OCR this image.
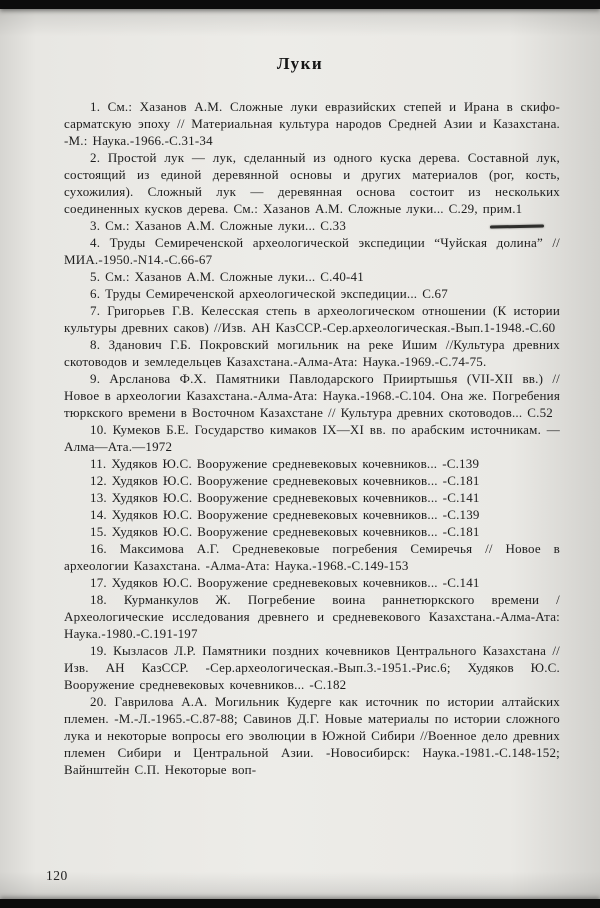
Луки

1. См.: Хазанов А.М. Сложные луки евразийских степей и Ирана в скифо-сарматскую эпоху // Материальная культура народов Средней Азии и Казахстана. -М.: Наука.-1966.-С.31-34

2. Простой лук — лук, сделанный из одного куска дерева. Составной лук, состоящий из единой деревянной основы и других материалов (рог, кость, сухожилия). Сложный лук — деревянная основа состоит из нескольких соединенных кусков дерева. См.: Хазанов А.М. Сложные луки... С.29, прим.1

3. См.: Хазанов А.М. Сложные луки... С.33

4. Труды Семиреченской археологической экспедиции “Чуйская долина” //МИА.-1950.-N14.-С.66-67

5. См.: Хазанов А.М. Сложные луки... С.40-41

6. Труды Семиреченской археологической экспедиции... С.67

7. Григорьев Г.В. Келесская степь в археологическом отношении (К истории культуры древних саков) //Изв. АН КазССР.-Сер.археологическая.-Вып.1-1948.-С.60

8. Зданович Г.Б. Покровский могильник на реке Ишим //Культура древних скотоводов и земледельцев Казахстана.-Алма-Ата: Наука.-1969.-С.74-75.

9. Арсланова Ф.Х. Памятники Павлодарского Прииртышья (VII-XII вв.) // Новое в археологии Казахстана.-Алма-Ата: Наука.-1968.-С.104. Она же. Погребения тюркского времени в Восточном Казахстане // Культура древних скотоводов... С.52

10. Кумеков Б.Е. Государство кимаков IX—XI вв. по арабским источникам. —Алма—Ата.—1972

11. Худяков Ю.С. Вооружение средневековых кочевников... -С.139

12. Худяков Ю.С. Вооружение средневековых кочевников... -С.181

13. Худяков Ю.С. Вооружение средневековых кочевников... -С.141

14. Худяков Ю.С. Вооружение средневековых кочевников... -С.139

15. Худяков Ю.С. Вооружение средневековых кочевников... -С.181

16. Максимова А.Г. Средневековые погребения Семиречья // Новое в археологии Казахстана. -Алма-Ата: Наука.-1968.-С.149-153

17. Худяков Ю.С. Вооружение средневековых кочевников... -С.141

18. Курманкулов Ж. Погребение воина раннетюркского времени /Археологические исследования древнего и средневекового Казахстана.-Алма-Ата: Наука.-1980.-С.191-197

19. Кызласов Л.Р. Памятники поздних кочевников Центрального Казахстана //Изв. АН КазССР. -Сер.археологическая.-Вып.3.-1951.-Рис.6; Худяков Ю.С. Вооружение средневековых кочевников... -С.182

20. Гаврилова А.А. Могильник Кудерге как источник по истории алтайских племен. -М.-Л.-1965.-С.87-88; Савинов Д.Г. Новые материалы по истории сложного лука и некоторые вопросы его эволюции в Южной Сибири //Военное дело древних племен Сибири и Центральной Азии. -Новосибирск: Наука.-1981.-С.148-152; Вайнштейн С.П. Некоторые воп-

120
